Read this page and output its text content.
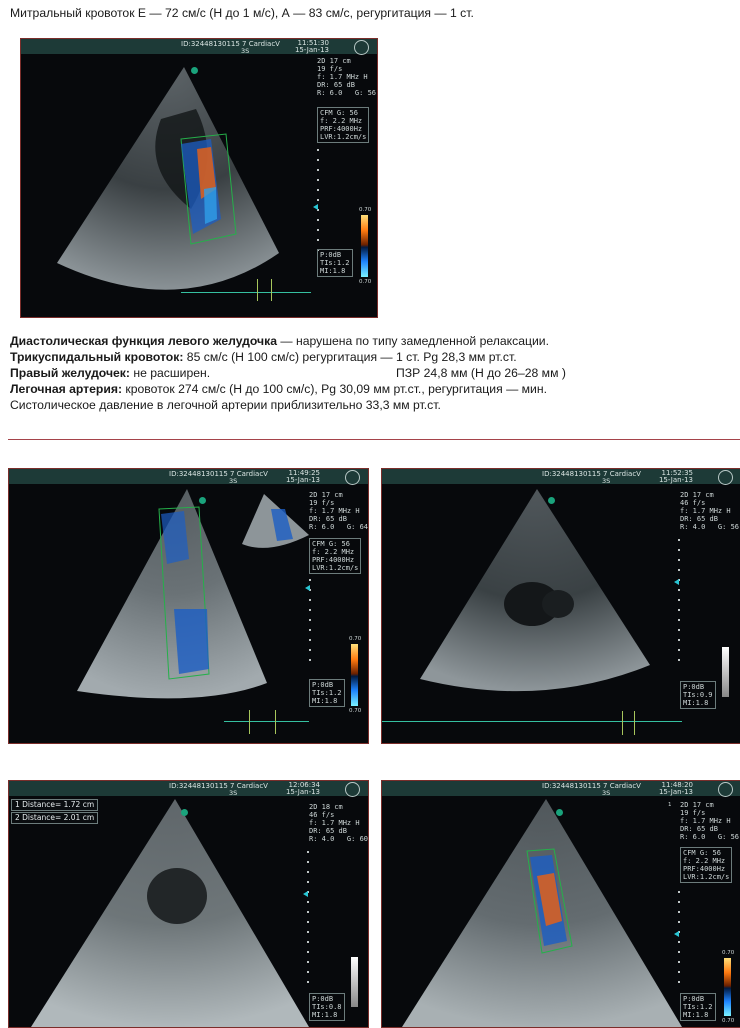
Митральный кровоток Е — 72 см/с (Н до 1 м/с), А — 83 см/с, регургитация — 1 ст.
ID:32448130115 7 CardiacV
3S
11:51:30
15-Jan-13
2D 17 cm
19 f/s
f: 1.7 MHz H
DR: 65 dB
R: 6.0   G: 56
CFM G: 56
f: 2.2 MHz
PRF:4000Hz
LVR:1.2cm/s
0.70
0.70
P:0dB
TIs:1.2
MI:1.8
Диастолическая функция левого желудочка — нарушена по типу замедленной релаксации.
Трикуспидальный кровоток: 85 см/с (Н 100 см/с) регургитация — 1 ст. Рg 28,3 мм рт.ст.
Правый желудочек: не расширен.	ПЗР 24,8 мм (Н до 26–28 мм )
Легочная артерия: кровоток 274 см/с (Н до 100 см/с), Рg 30,09 мм рт.ст., регургитация — мин.
Систолическое давление в легочной артерии приблизительно 33,3 мм рт.ст.
ID:32448130115 7 CardiacV
3S
11:49:25
15-Jan-13
2D 17 cm
19 f/s
f: 1.7 MHz H
DR: 65 dB
R: 6.0   G: 64
CFM G: 56
f: 2.2 MHz
PRF:4000Hz
LVR:1.2cm/s
0.70
0.70
P:0dB
TIs:1.2
MI:1.8
ID:32448130115 7 CardiacV
3S
11:52:35
15-Jan-13
2D 17 cm
46 f/s
f: 1.7 MHz H
DR: 65 dB
R: 4.0   G: 56
P:0dB
TIs:0.9
MI:1.8
ID:32448130115 7 CardiacV
3S
12:06:34
15-Jan-13
1 Distance= 1.72 cm
2 Distance= 2.01 cm
2D 18 cm
46 f/s
f: 1.7 MHz H
DR: 65 dB
R: 4.0   G: 60
P:0dB
TIs:0.8
MI:1.8
ID:32448130115 7 CardiacV
3S
11:48:20
15-Jan-13
1 2D 17 cm
19 f/s
f: 1.7 MHz H
DR: 65 dB
R: 6.0   G: 56
CFM G: 56
f: 2.2 MHz
PRF:4000Hz
LVR:1.2cm/s
0.70
0.70
P:0dB
TIs:1.2
MI:1.8
